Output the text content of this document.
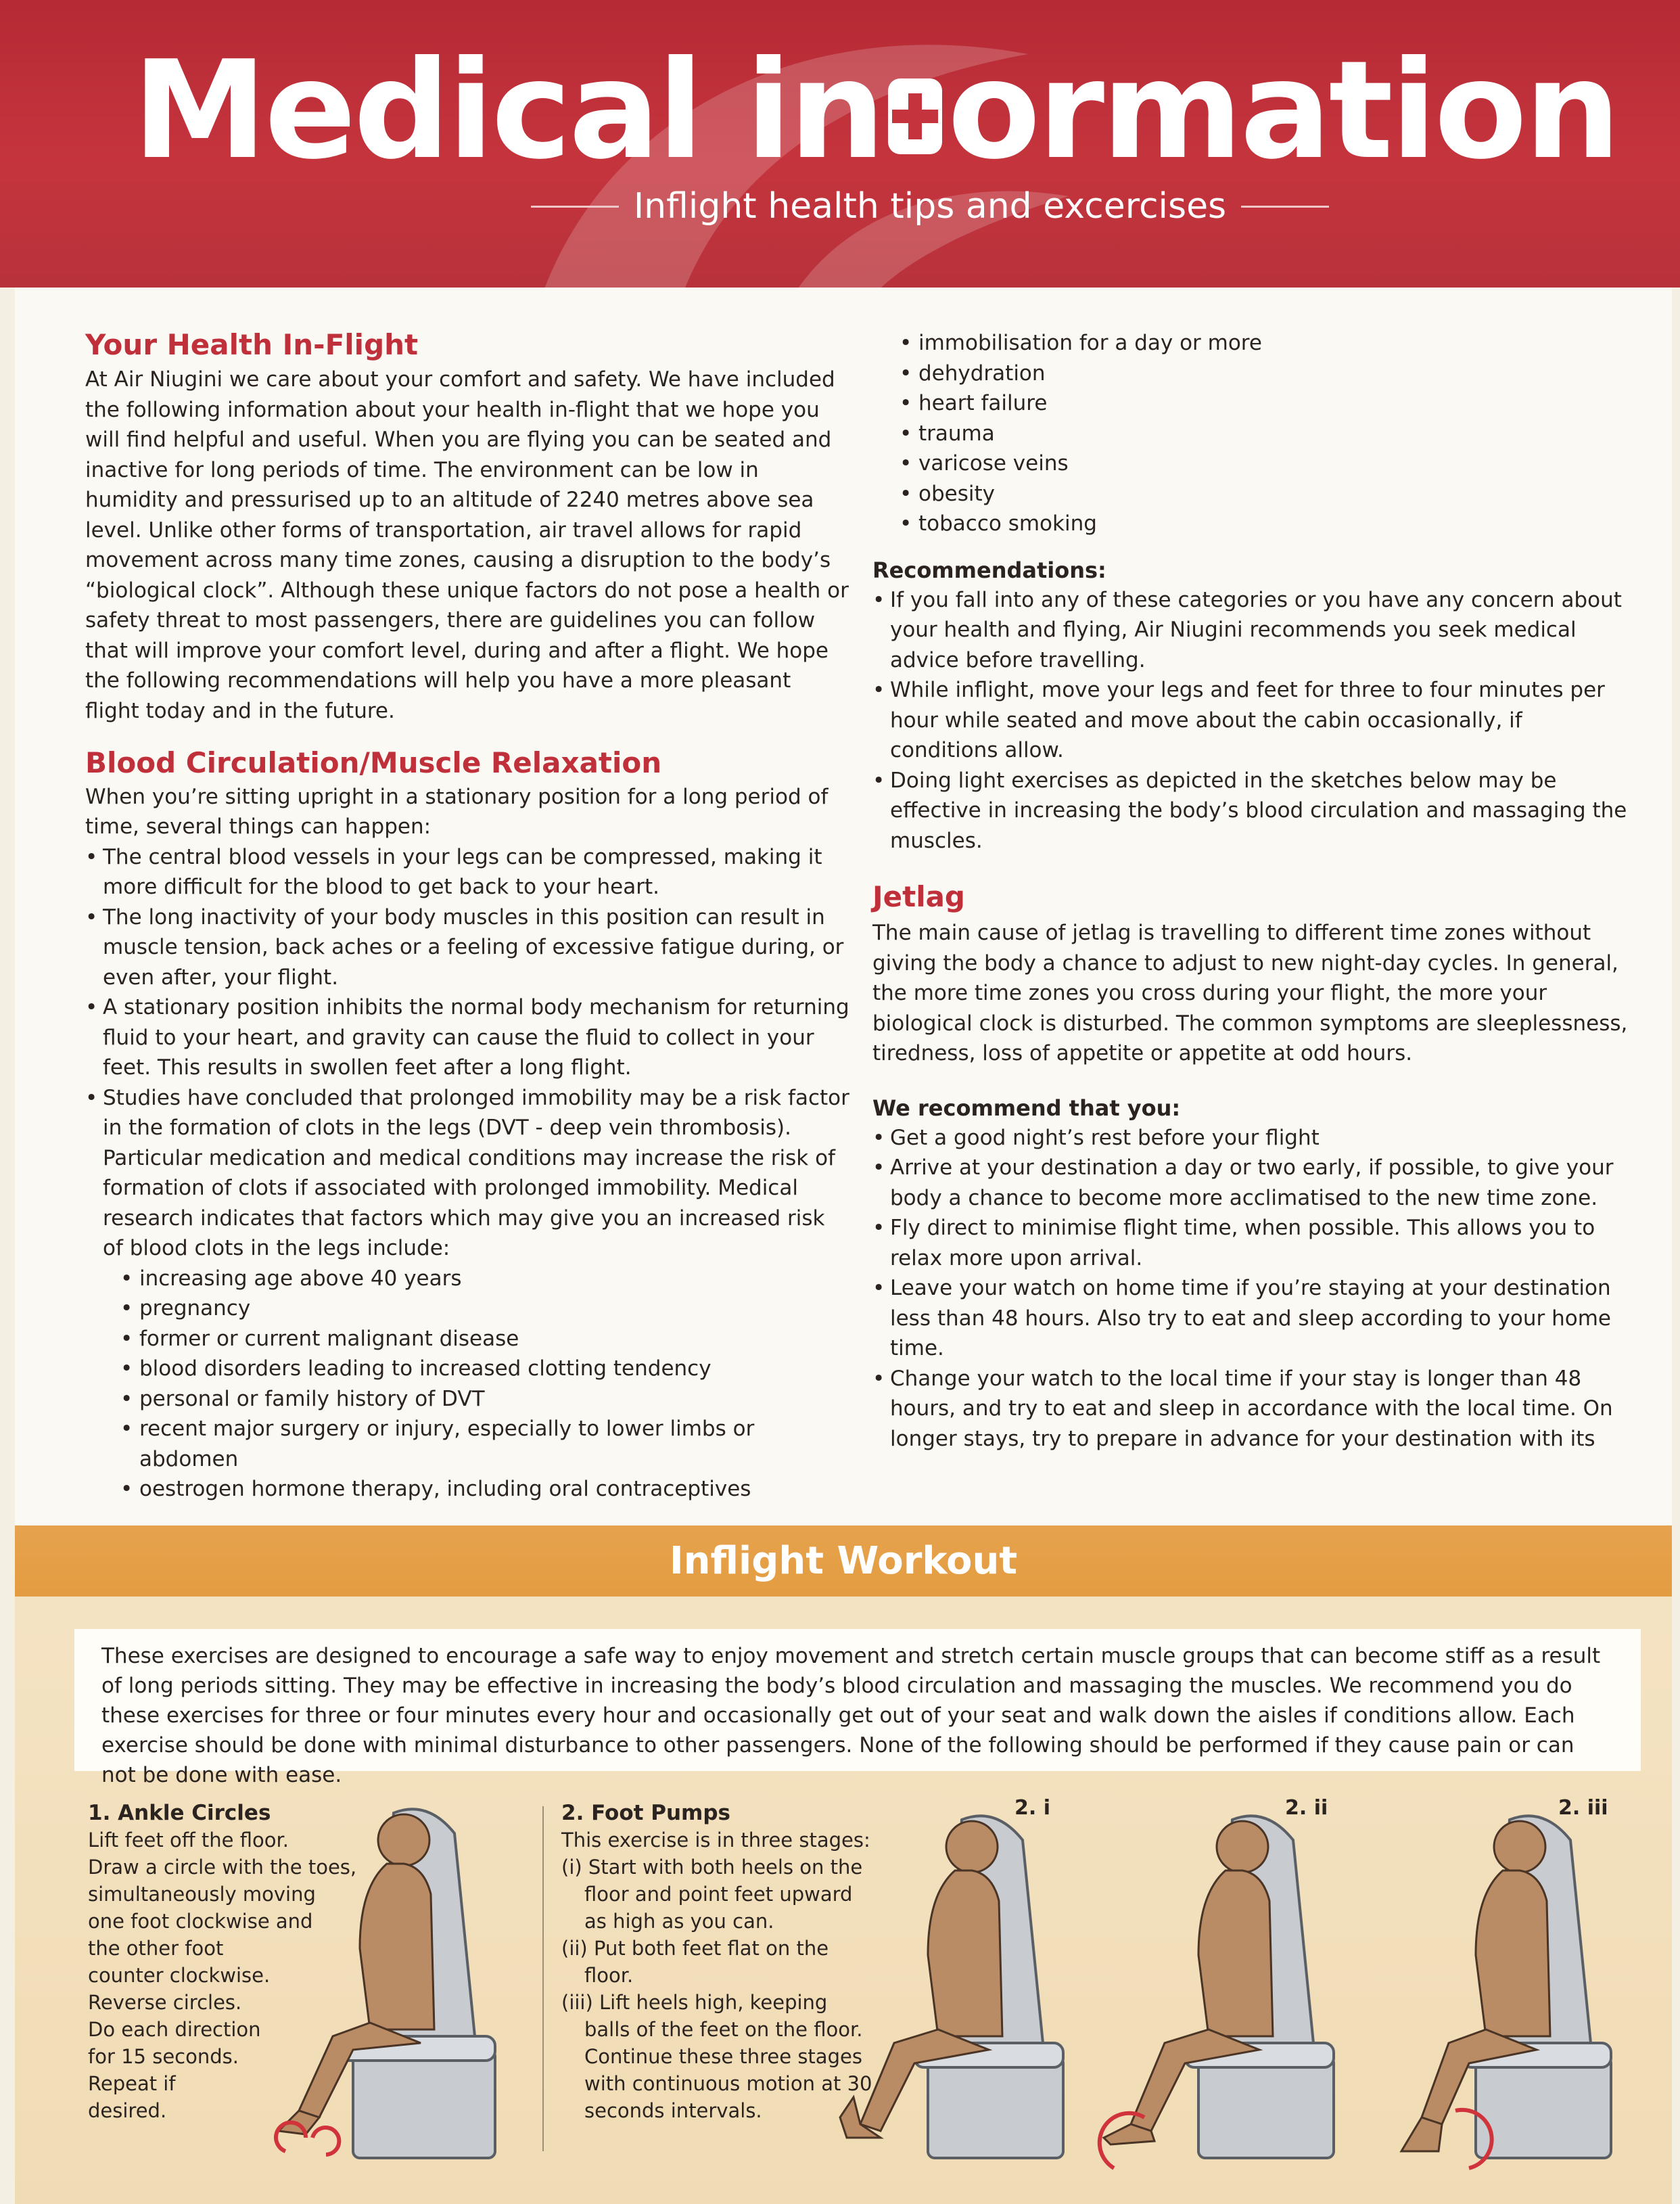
Medical in ormation
Inflight health tips and excercises
Your Health In-Flight

At Air Niugini we care about your comfort and safety. We have included the following information about your health in-flight that we hope you will find helpful and useful. When you are flying you can be seated and inactive for long periods of time. The environment can be low in humidity and pressurised up to an altitude of 2240 metres above sea level. Unlike other forms of transportation, air travel allows for rapid movement across many time zones, causing a disruption to the body’s “biological clock”. Although these unique factors do not pose a health or safety threat to most passengers, there are guidelines you can follow that will improve your comfort level, during and after a flight. We hope the following recommendations will help you have a more pleasant flight today and in the future.

Blood Circulation/Muscle Relaxation

When you’re sitting upright in a stationary position for a long period of time, several things can happen:

• The central blood vessels in your legs can be compressed, making it more difficult for the blood to get back to your heart.
• The long inactivity of your body muscles in this position can result in muscle tension, back aches or a feeling of excessive fatigue during, or even after, your flight.
• A stationary position inhibits the normal body mechanism for returning fluid to your heart, and gravity can cause the fluid to collect in your feet. This results in swollen feet after a long flight.
• Studies have concluded that prolonged immobility may be a risk factor in the formation of clots in the legs (DVT - deep vein thrombosis). Particular medication and medical conditions may increase the risk of formation of clots if associated with prolonged immobility. Medical research indicates that factors which may give you an increased risk of blood clots in the legs include:
• increasing age above 40 years
• pregnancy
• former or current malignant disease
• blood disorders leading to increased clotting tendency
• personal or family history of DVT
• recent major surgery or injury, especially to lower limbs or abdomen
• oestrogen hormone therapy, including oral contraceptives
• immobilisation for a day or more
• dehydration
• heart failure
• trauma
• varicose veins
• obesity
• tobacco smoking

Recommendations:

• If you fall into any of these categories or you have any concern about your health and flying, Air Niugini recommends you seek medical advice before travelling.
• While inflight, move your legs and feet for three to four minutes per hour while seated and move about the cabin occasionally, if conditions allow.
• Doing light exercises as depicted in the sketches below may be effective in increasing the body’s blood circulation and massaging the muscles.
Jetlag

The main cause of jetlag is travelling to different time zones without giving the body a chance to adjust to new night-day cycles. In general, the more time zones you cross during your flight, the more your biological clock is disturbed. The common symptoms are sleeplessness, tiredness, loss of appetite or appetite at odd hours.

We recommend that you:

• Get a good night’s rest before your flight
• Arrive at your destination a day or two early, if possible, to give your body a chance to become more acclimatised to the new time zone.
• Fly direct to minimise flight time, when possible. This allows you to relax more upon arrival.
• Leave your watch on home time if you’re staying at your destination less than 48 hours. Also try to eat and sleep according to your home time.
• Change your watch to the local time if your stay is longer than 48 hours, and try to eat and sleep in accordance with the local time. On longer stays, try to prepare in advance for your destination with its
Inflight Workout

These exercises are designed to encourage a safe way to enjoy movement and stretch certain muscle groups that can become stiff as a result of long periods sitting. They may be effective in increasing the body’s blood circulation and massaging the muscles. We recommend you do these exercises for three or four minutes every hour and occasionally get out of your seat and walk down the aisles if conditions allow. Each exercise should be done with minimal disturbance to other passengers. None of the following should be performed if they cause pain or can not be done with ease.

1. Ankle Circles

Lift feet off the floor.

Draw a circle with the toes,

simultaneously moving

one foot clockwise and

the other foot

counter clockwise.

Reverse circles.

Do each direction

for 15 seconds.

Repeat if

desired.

2. Foot Pumps

This exercise is in three stages:

(i) Start with both heels on the floor and point feet upward as high as you can.

(ii) Put both feet flat on the floor.

(iii) Lift heels high, keeping balls of the feet on the floor. Continue these three stages with continuous motion at 30 seconds intervals.

2. i	2. ii	2. iii
